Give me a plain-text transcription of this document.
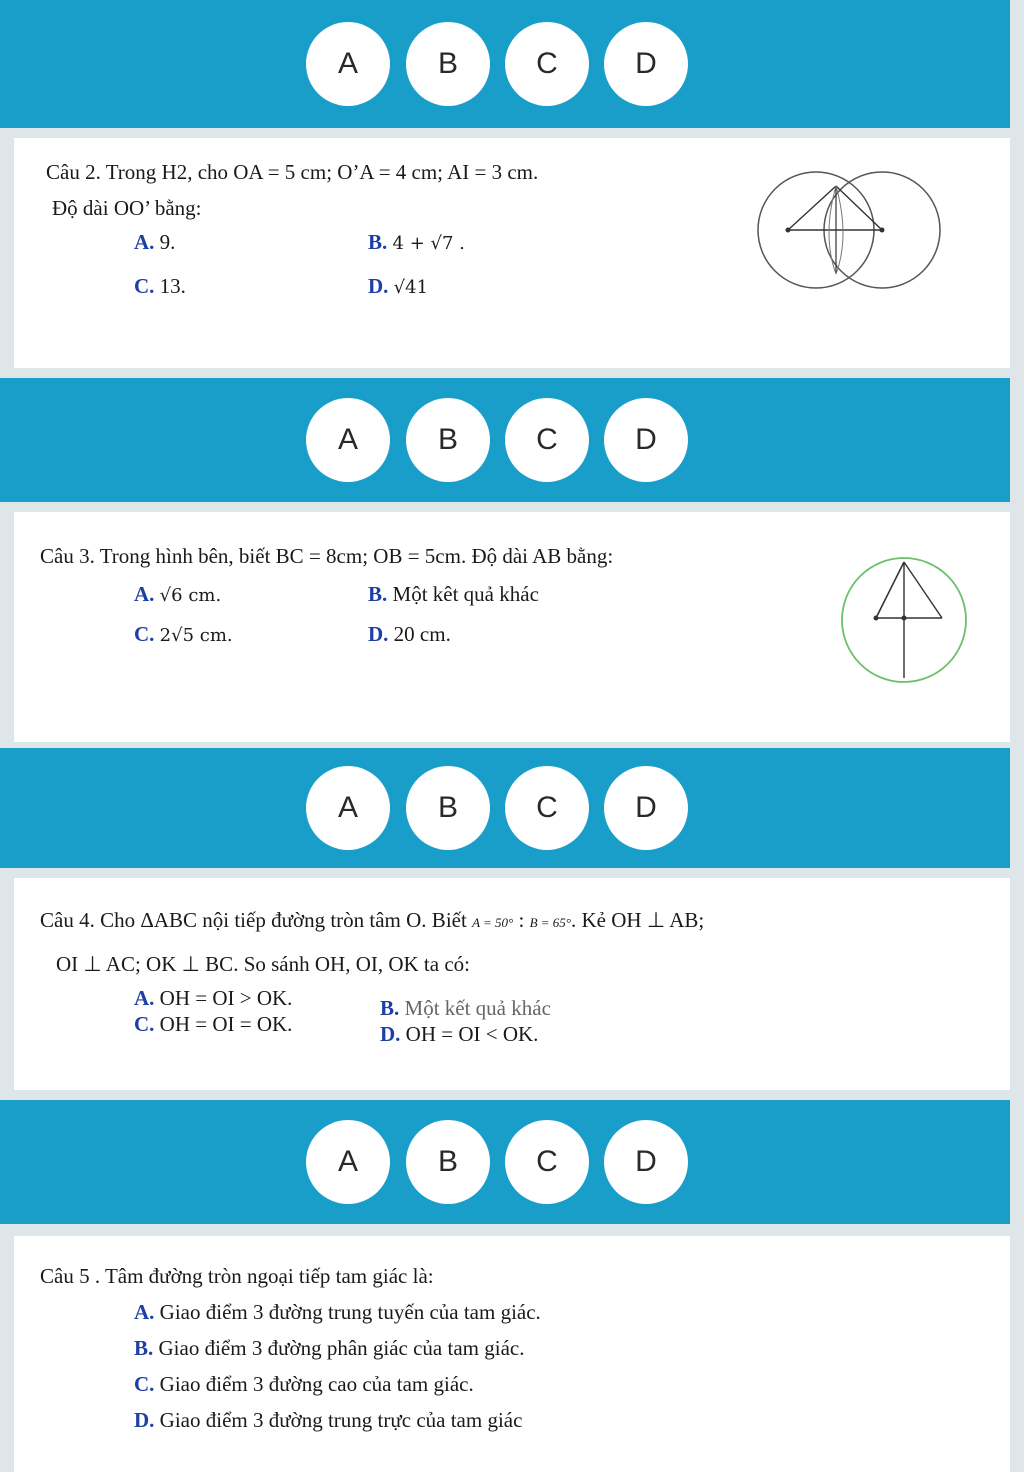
A	B	C	D
Câu 2. Trong H2, cho OA = 5 cm; O’A = 4 cm; AI = 3 cm.
Độ dài OO’ bằng:
A. 9.	B. 4 + √7 .
C. 13.	D. √41
A	B	C	D
Câu 3. Trong hình bên, biết BC = 8cm; OB = 5cm. Độ dài AB bằng:
A. √6 cm.	B. Một kêt quả khác
C. 2√5 cm.	D. 20 cm.
A	B	C	D
Câu 4. Cho ΔABC nội tiếp đường tròn tâm O. Biết A = 50° : B = 65°. Kẻ OH ⊥ AB;
OI ⊥ AC; OK ⊥ BC. So sánh OH, OI, OK ta có:
A. OH = OI > OK.	B. Một kết quả khác
C. OH = OI = OK.	D. OH = OI < OK.
A	B	C	D
Câu 5 . Tâm đường tròn ngoại tiếp tam giác là:
A. Giao điểm 3 đường trung tuyến của tam giác.
B. Giao điểm 3 đường phân giác của tam giác.
C. Giao điểm 3 đường cao của tam giác.
D. Giao điểm 3 đường trung trực của tam giác
